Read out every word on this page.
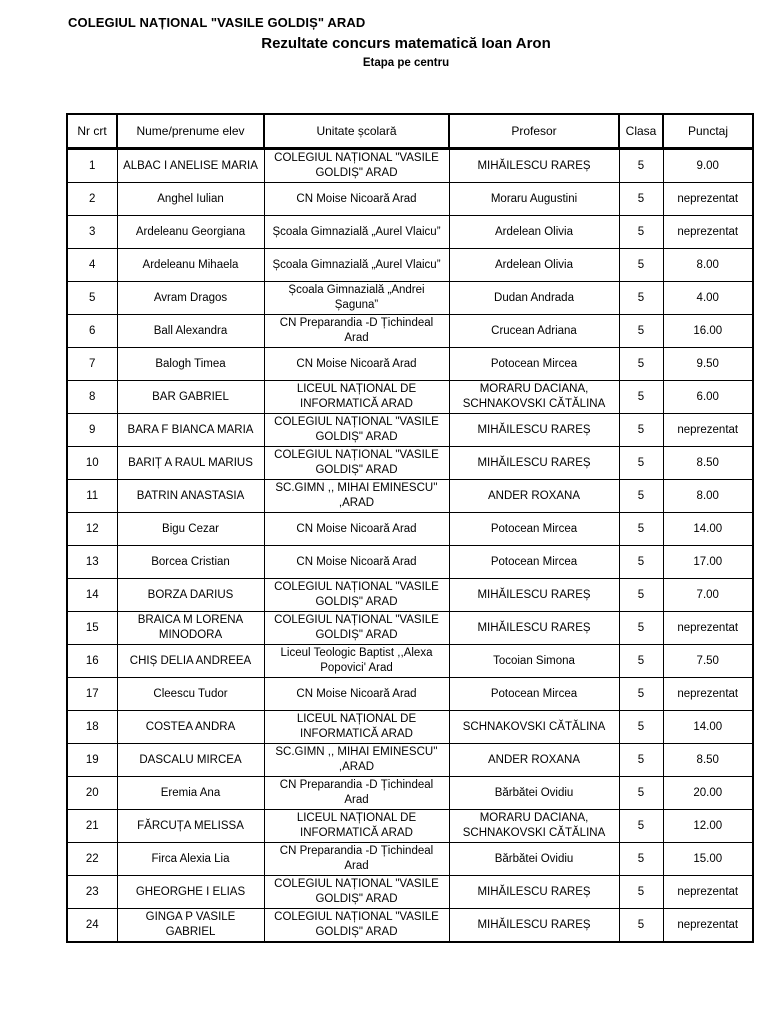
COLEGIUL NAȚIONAL "VASILE GOLDIȘ" ARAD
Rezultate concurs matematică Ioan Aron
Etapa pe centru
Nr crt	Nume/prenume elev	Unitate școlară	Profesor	Clasa	Punctaj
1	ALBAC I ANELISE MARIA	COLEGIUL NAȚIONAL "VASILE GOLDIȘ" ARAD	MIHĂILESCU RAREȘ	5	9.00
2	Anghel Iulian	CN Moise Nicoară Arad	Moraru Augustini	5	neprezentat
3	Ardeleanu Georgiana	Școala Gimnazială „Aurel Vlaicu”	Ardelean Olivia	5	neprezentat
4	Ardeleanu Mihaela	Școala Gimnazială „Aurel Vlaicu”	Ardelean Olivia	5	8.00
5	Avram Dragos	Școala Gimnazială „Andrei Șaguna”	Dudan Andrada	5	4.00
6	Ball Alexandra	CN Preparandia -D Țichindeal Arad	Crucean Adriana	5	16.00
7	Balogh Timea	CN Moise Nicoară Arad	Potocean Mircea	5	9.50
8	BAR GABRIEL	LICEUL NAȚIONAL DE INFORMATICĂ ARAD	MORARU DACIANA, SCHNAKOVSKI CĂTĂLINA	5	6.00
9	BARA F BIANCA MARIA	COLEGIUL NAȚIONAL "VASILE GOLDIȘ" ARAD	MIHĂILESCU RAREȘ	5	neprezentat
10	BARIȚ A RAUL MARIUS	COLEGIUL NAȚIONAL "VASILE GOLDIȘ" ARAD	MIHĂILESCU RAREȘ	5	8.50
11	BATRIN ANASTASIA	SC.GIMN ,, MIHAI EMINESCU'' ,ARAD	ANDER ROXANA	5	8.00
12	Bigu Cezar	CN Moise Nicoară Arad	Potocean Mircea	5	14.00
13	Borcea Cristian	CN Moise Nicoară Arad	Potocean Mircea	5	17.00
14	BORZA DARIUS	COLEGIUL NAȚIONAL "VASILE GOLDIȘ" ARAD	MIHĂILESCU RAREȘ	5	7.00
15	BRAICA M LORENA MINODORA	COLEGIUL NAȚIONAL "VASILE GOLDIȘ" ARAD	MIHĂILESCU RAREȘ	5	neprezentat
16	CHIȘ DELIA ANDREEA	Liceul Teologic Baptist ,,Alexa Popovici' Arad	Tocoian Simona	5	7.50
17	Cleescu Tudor	CN Moise Nicoară Arad	Potocean Mircea	5	neprezentat
18	COSTEA ANDRA	LICEUL NAȚIONAL DE INFORMATICĂ ARAD	SCHNAKOVSKI CĂTĂLINA	5	14.00
19	DASCALU MIRCEA	SC.GIMN ,, MIHAI EMINESCU'' ,ARAD	ANDER ROXANA	5	8.50
20	Eremia Ana	CN Preparandia -D Țichindeal Arad	Bărbătei Ovidiu	5	20.00
21	FĂRCUȚA MELISSA	LICEUL NAȚIONAL DE INFORMATICĂ ARAD	MORARU DACIANA, SCHNAKOVSKI CĂTĂLINA	5	12.00
22	Firca Alexia Lia	CN Preparandia -D Țichindeal Arad	Bărbătei Ovidiu	5	15.00
23	GHEORGHE I ELIAS	COLEGIUL NAȚIONAL "VASILE GOLDIȘ" ARAD	MIHĂILESCU RAREȘ	5	neprezentat
24	GINGA P VASILE GABRIEL	COLEGIUL NAȚIONAL "VASILE GOLDIȘ" ARAD	MIHĂILESCU RAREȘ	5	neprezentat
